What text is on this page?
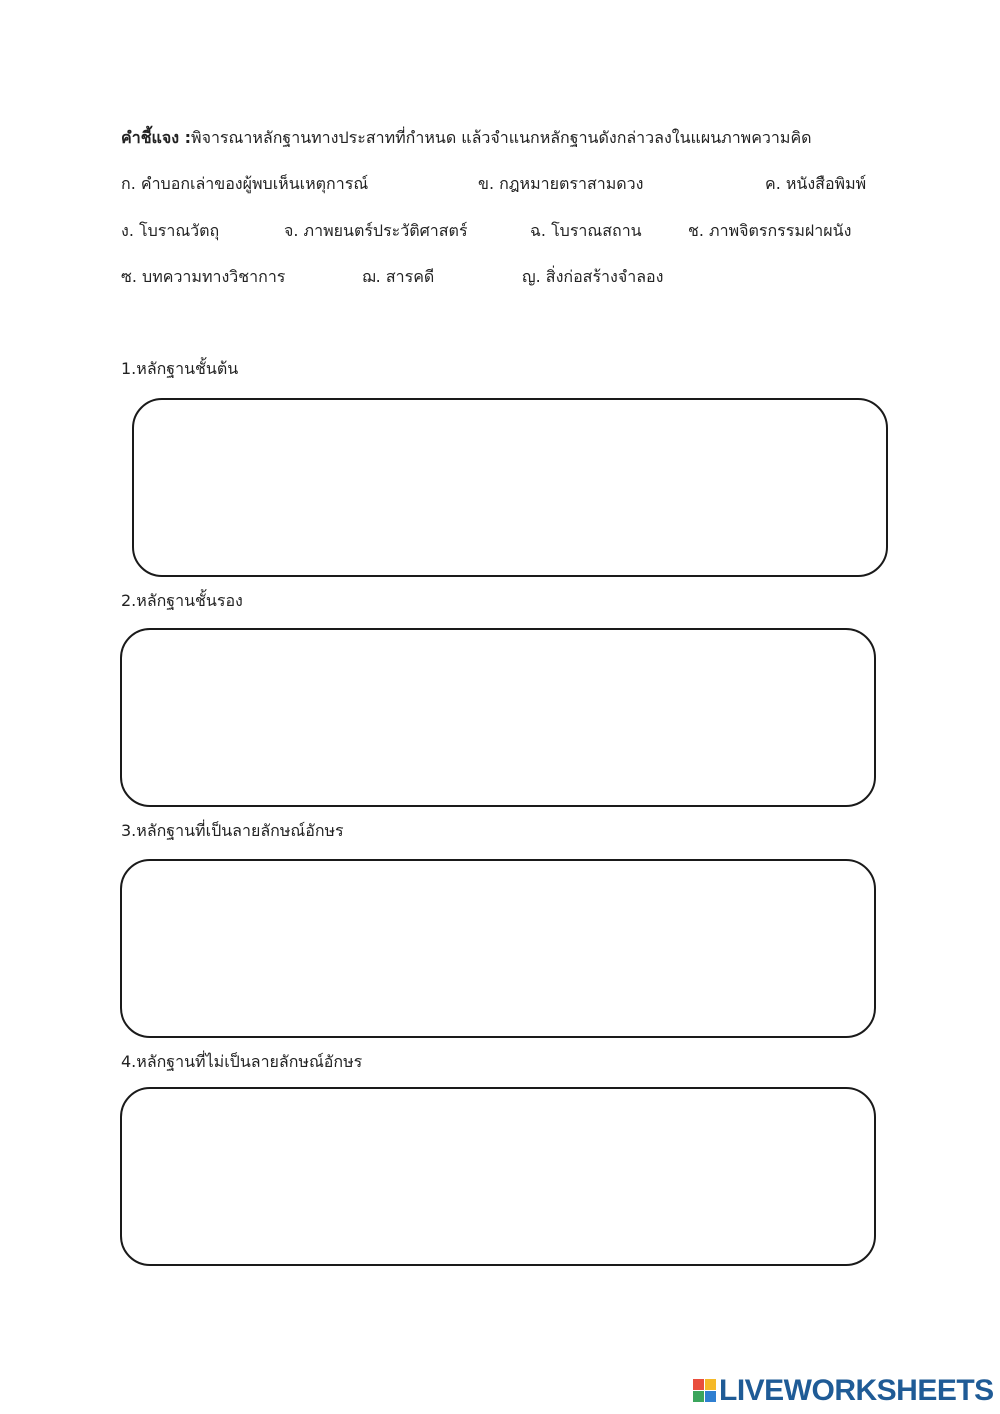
คำชี้แจง :พิจารณาหลักฐานทางประสาทที่กำหนด แล้วจำแนกหลักฐานดังกล่าวลงในแผนภาพความคิด
ก. คำบอกเล่าของผู้พบเห็นเหตุการณ์	ข. กฎหมายตราสามดวง	ค. หนังสือพิมพ์
ง. โบราณวัตถุ	จ. ภาพยนตร์ประวัติศาสตร์	ฉ. โบราณสถาน	ช. ภาพจิตรกรรมฝาผนัง
ซ. บทความทางวิชาการ	ฌ. สารคดี	ญ. สิ่งก่อสร้างจำลอง
1.หลักฐานชั้นต้น
2.หลักฐานชั้นรอง
3.หลักฐานที่เป็นลายลักษณ์อักษร
4.หลักฐานที่ไม่เป็นลายลักษณ์อักษร
LIVEWORKSHEETS
